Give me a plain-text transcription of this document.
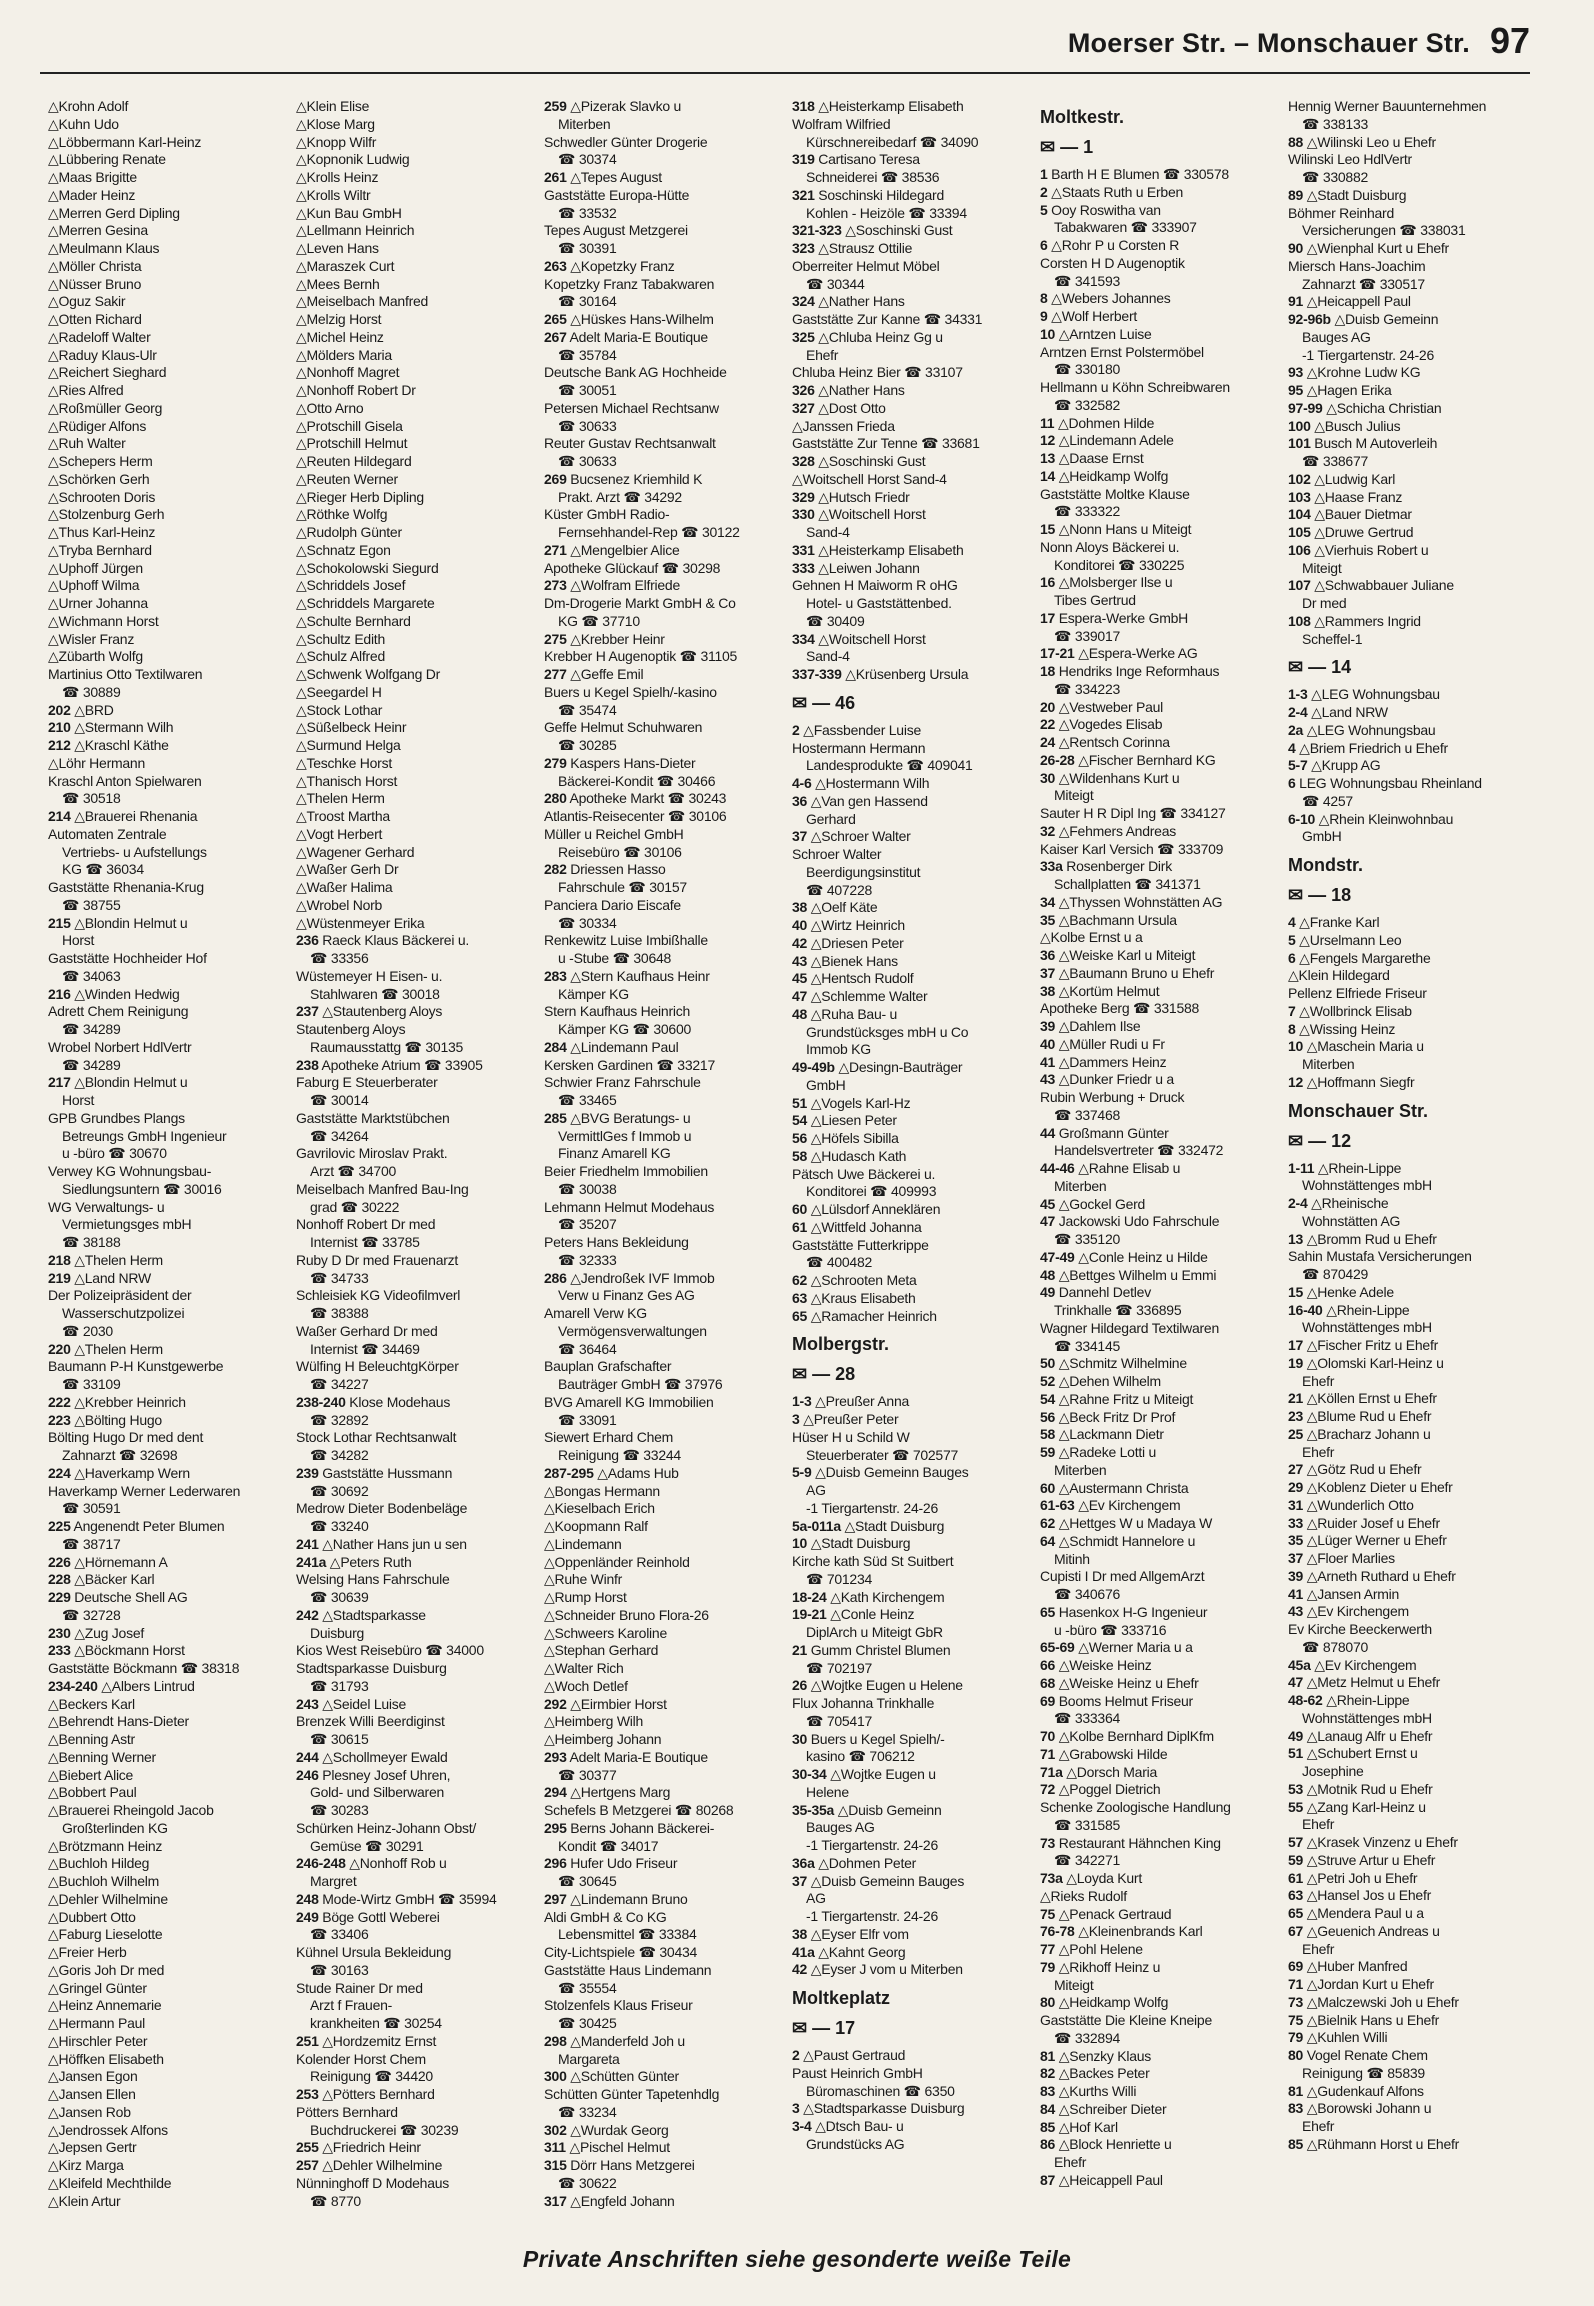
Moerser Str. – Monschauer Str. 97
△Krohn Adolf
△Kuhn Udo
△Löbbermann Karl-Heinz
△Lübbering Renate
△Maas Brigitte
△Mader Heinz
△Merren Gerd Dipling
△Merren Gesina
△Meulmann Klaus
△Möller Christa
△Nüsser Bruno
△Oguz Sakir
△Otten Richard
△Radeloff Walter
△Raduy Klaus-Ulr
△Reichert Sieghard
△Ries Alfred
△Roßmüller Georg
△Rüdiger Alfons
△Ruh Walter
△Schepers Herm
△Schörken Gerh
△Schrooten Doris
△Stolzenburg Gerh
△Thus Karl-Heinz
△Tryba Bernhard
△Uphoff Jürgen
△Uphoff Wilma
△Urner Johanna
△Wichmann Horst
△Wisler Franz
△Zübarth Wolfg
Martinius Otto Textilwaren
☎ 30889
202 △BRD
210 △Stermann Wilh
212 △Kraschl Käthe
△Löhr Hermann
Kraschl Anton Spielwaren
☎ 30518
214 △Brauerei Rhenania
Automaten Zentrale
Vertriebs- u Aufstellungs
KG ☎ 36034
Gaststätte Rhenania-Krug
☎ 38755
215 △Blondin Helmut u
Horst
Gaststätte Hochheider Hof
☎ 34063
216 △Winden Hedwig
Adrett Chem Reinigung
☎ 34289
Wrobel Norbert HdlVertr
☎ 34289
217 △Blondin Helmut u
Horst
GPB Grundbes Plangs
Betreungs GmbH Ingenieur
u -büro ☎ 30670
Verwey KG Wohnungsbau-
Siedlungsuntern ☎ 30016
WG Verwaltungs- u
Vermietungsges mbH
☎ 38188
218 △Thelen Herm
219 △Land NRW
Der Polizeipräsident der
Wasserschutzpolizei
☎ 2030
220 △Thelen Herm
Baumann P-H Kunstgewerbe
☎ 33109
222 △Krebber Heinrich
223 △Bölting Hugo
Bölting Hugo Dr med dent
Zahnarzt ☎ 32698
224 △Haverkamp Wern
Haverkamp Werner Lederwaren
☎ 30591
225 Angenendt Peter Blumen
☎ 38717
226 △Hörnemann A
228 △Bäcker Karl
229 Deutsche Shell AG
☎ 32728
230 △Zug Josef
233 △Böckmann Horst
Gaststätte Böckmann ☎ 38318
234-240 △Albers Lintrud
△Beckers Karl
△Behrendt Hans-Dieter
△Benning Astr
△Benning Werner
△Biebert Alice
△Bobbert Paul
△Brauerei Rheingold Jacob
Großterlinden KG
△Brötzmann Heinz
△Buchloh Hildeg
△Buchloh Wilhelm
△Dehler Wilhelmine
△Dubbert Otto
△Faburg Lieselotte
△Freier Herb
△Goris Joh Dr med
△Gringel Günter
△Heinz Annemarie
△Hermann Paul
△Hirschler Peter
△Höffken Elisabeth
△Jansen Egon
△Jansen Ellen
△Jansen Rob
△Jendrossek Alfons
△Jepsen Gertr
△Kirz Marga
△Kleifeld Mechthilde
△Klein Artur
△Klein Elise
△Klose Marg
△Knopp Wilfr
△Kopnonik Ludwig
△Krolls Heinz
△Krolls Wiltr
△Kun Bau GmbH
△Lellmann Heinrich
△Leven Hans
△Maraszek Curt
△Mees Bernh
△Meiselbach Manfred
△Melzig Horst
△Michel Heinz
△Mölders Maria
△Nonhoff Magret
△Nonhoff Robert Dr
△Otto Arno
△Protschill Gisela
△Protschill Helmut
△Reuten Hildegard
△Reuten Werner
△Rieger Herb Dipling
△Röthke Wolfg
△Rudolph Günter
△Schnatz Egon
△Schokolowski Siegurd
△Schriddels Josef
△Schriddels Margarete
△Schulte Bernhard
△Schultz Edith
△Schulz Alfred
△Schwenk Wolfgang Dr
△Seegardel H
△Stock Lothar
△Süßelbeck Heinr
△Surmund Helga
△Teschke Horst
△Thanisch Horst
△Thelen Herm
△Troost Martha
△Vogt Herbert
△Wagener Gerhard
△Waßer Gerh Dr
△Waßer Halima
△Wrobel Norb
△Wüstenmeyer Erika
236 Raeck Klaus Bäckerei u.
☎ 33356
Wüstemeyer H Eisen- u.
Stahlwaren ☎ 30018
237 △Stautenberg Aloys
Stautenberg Aloys
Raumausstattg ☎ 30135
238 Apotheke Atrium ☎ 33905
Faburg E Steuerberater
☎ 30014
Gaststätte Marktstübchen
☎ 34264
Gavrilovic Miroslav Prakt.
Arzt ☎ 34700
Meiselbach Manfred Bau-Ing
grad ☎ 30222
Nonhoff Robert Dr med
Internist ☎ 33785
Ruby D Dr med Frauenarzt
☎ 34733
Schleisiek KG Videofilmverl
☎ 38388
Waßer Gerhard Dr med
Internist ☎ 34469
Wülfing H BeleuchtgKörper
☎ 34227
238-240 Klose Modehaus
☎ 32892
Stock Lothar Rechtsanwalt
☎ 34282
239 Gaststätte Hussmann
☎ 30692
Medrow Dieter Bodenbeläge
☎ 33240
241 △Nather Hans jun u sen
241a △Peters Ruth
Welsing Hans Fahrschule
☎ 30639
242 △Stadtsparkasse
Duisburg
Kios West Reisebüro ☎ 34000
Stadtsparkasse Duisburg
☎ 31793
243 △Seidel Luise
Brenzek Willi Beerdiginst
☎ 30615
244 △Schollmeyer Ewald
246 Plesney Josef Uhren,
Gold- und Silberwaren
☎ 30283
Schürken Heinz-Johann Obst/
Gemüse ☎ 30291
246-248 △Nonhoff Rob u
Margret
248 Mode-Wirtz GmbH ☎ 35994
249 Böge Gottl Weberei
☎ 33406
Kühnel Ursula Bekleidung
☎ 30163
Stude Rainer Dr med
Arzt f Frauen-
krankheiten ☎ 30254
251 △Hordzemitz Ernst
Kolender Horst Chem
Reinigung ☎ 34420
253 △Pötters Bernhard
Pötters Bernhard
Buchdruckerei ☎ 30239
255 △Friedrich Heinr
257 △Dehler Wilhelmine
Nünninghoff D Modehaus
☎ 8770
259 △Pizerak Slavko u
Miterben
Schwedler Günter Drogerie
☎ 30374
261 △Tepes August
Gaststätte Europa-Hütte
☎ 33532
Tepes August Metzgerei
☎ 30391
263 △Kopetzky Franz
Kopetzky Franz Tabakwaren
☎ 30164
265 △Hüskes Hans-Wilhelm
267 Adelt Maria-E Boutique
☎ 35784
Deutsche Bank AG Hochheide
☎ 30051
Petersen Michael Rechtsanw
☎ 30633
Reuter Gustav Rechtsanwalt
☎ 30633
269 Bucsenez Kriemhild K
Prakt. Arzt ☎ 34292
Küster GmbH Radio-
Fernsehhandel-Rep ☎ 30122
271 △Mengelbier Alice
Apotheke Glückauf ☎ 30298
273 △Wolfram Elfriede
Dm-Drogerie Markt GmbH & Co
KG ☎ 37710
275 △Krebber Heinr
Krebber H Augenoptik ☎ 31105
277 △Geffe Emil
Buers u Kegel Spielh/-kasino
☎ 35474
Geffe Helmut Schuhwaren
☎ 30285
279 Kaspers Hans-Dieter
Bäckerei-Kondit ☎ 30466
280 Apotheke Markt ☎ 30243
Atlantis-Reisecenter ☎ 30106
Müller u Reichel GmbH
Reisebüro ☎ 30106
282 Driessen Hasso
Fahrschule ☎ 30157
Panciera Dario Eiscafe
☎ 30334
Renkewitz Luise Imbißhalle
u -Stube ☎ 30648
283 △Stern Kaufhaus Heinr
Kämper KG
Stern Kaufhaus Heinrich
Kämper KG ☎ 30600
284 △Lindemann Paul
Kersken Gardinen ☎ 33217
Schwier Franz Fahrschule
☎ 33465
285 △BVG Beratungs- u
VermittlGes f Immob u
Finanz Amarell KG
Beier Friedhelm Immobilien
☎ 30038
Lehmann Helmut Modehaus
☎ 35207
Peters Hans Bekleidung
☎ 32333
286 △Jendroßek IVF Immob
Verw u Finanz Ges AG
Amarell Verw KG
Vermögensverwaltungen
☎ 36464
Bauplan Grafschafter
Bauträger GmbH ☎ 37976
BVG Amarell KG Immobilien
☎ 33091
Siewert Erhard Chem
Reinigung ☎ 33244
287-295 △Adams Hub
△Bongas Hermann
△Kieselbach Erich
△Koopmann Ralf
△Lindemann
△Oppenländer Reinhold
△Ruhe Winfr
△Rump Horst
△Schneider Bruno Flora-26
△Schweers Karoline
△Stephan Gerhard
△Walter Rich
△Woch Detlef
292 △Eirmbier Horst
△Heimberg Wilh
△Heimberg Johann
293 Adelt Maria-E Boutique
☎ 30377
294 △Hertgens Marg
Schefels B Metzgerei ☎ 80268
295 Berns Johann Bäckerei-
Kondit ☎ 34017
296 Hufer Udo Friseur
☎ 30645
297 △Lindemann Bruno
Aldi GmbH & Co KG
Lebensmittel ☎ 33384
City-Lichtspiele ☎ 30434
Gaststätte Haus Lindemann
☎ 35554
Stolzenfels Klaus Friseur
☎ 30425
298 △Manderfeld Joh u
Margareta
300 △Schütten Günter
Schütten Günter Tapetenhdlg
☎ 33234
302 △Wurdak Georg
311 △Pischel Helmut
315 Dörr Hans Metzgerei
☎ 30622
317 △Engfeld Johann
318 △Heisterkamp Elisabeth
Wolfram Wilfried
Kürschnereibedarf ☎ 34090
319 Cartisano Teresa
Schneiderei ☎ 38536
321 Soschinski Hildegard
Kohlen - Heizöle ☎ 33394
321-323 △Soschinski Gust
323 △Strausz Ottilie
Oberreiter Helmut Möbel
☎ 30344
324 △Nather Hans
Gaststätte Zur Kanne ☎ 34331
325 △Chluba Heinz Gg u
Ehefr
Chluba Heinz Bier ☎ 33107
326 △Nather Hans
327 △Dost Otto
△Janssen Frieda
Gaststätte Zur Tenne ☎ 33681
328 △Soschinski Gust
△Woitschell Horst Sand-4
329 △Hutsch Friedr
330 △Woitschell Horst
Sand-4
331 △Heisterkamp Elisabeth
333 △Leiwen Johann
Gehnen H Maiworm R oHG
Hotel- u Gaststättenbed.
☎ 30409
334 △Woitschell Horst
Sand-4
337-339 △Krüsenberg Ursula
✉ — 46
2 △Fassbender Luise
Hostermann Hermann
Landesprodukte ☎ 409041
4-6 △Hostermann Wilh
36 △Van gen Hassend
Gerhard
37 △Schroer Walter
Schroer Walter
Beerdigungsinstitut
☎ 407228
38 △Oelf Käte
40 △Wirtz Heinrich
42 △Driesen Peter
43 △Bienek Hans
45 △Hentsch Rudolf
47 △Schlemme Walter
48 △Ruha Bau- u
Grundstücksges mbH u Co
Immob KG
49-49b △Desingn-Bauträger
GmbH
51 △Vogels Karl-Hz
54 △Liesen Peter
56 △Höfels Sibilla
58 △Hudasch Kath
Pätsch Uwe Bäckerei u.
Konditorei ☎ 409993
60 △Lülsdorf Anneklären
61 △Wittfeld Johanna
Gaststätte Futterkrippe
☎ 400482
62 △Schrooten Meta
63 △Kraus Elisabeth
65 △Ramacher Heinrich
Molbergstr.
✉ — 28
1-3 △Preußer Anna
3 △Preußer Peter
Hüser H u Schild W
Steuerberater ☎ 702577
5-9 △Duisb Gemeinn Bauges
AG
-1 Tiergartenstr. 24-26
5a-011a △Stadt Duisburg
10 △Stadt Duisburg
Kirche kath Süd St Suitbert
☎ 701234
18-24 △Kath Kirchengem
19-21 △Conle Heinz
DiplArch u Miteigt GbR
21 Gumm Christel Blumen
☎ 702197
26 △Wojtke Eugen u Helene
Flux Johanna Trinkhalle
☎ 705417
30 Buers u Kegel Spielh/-
kasino ☎ 706212
30-34 △Wojtke Eugen u
Helene
35-35a △Duisb Gemeinn
Bauges AG
-1 Tiergartenstr. 24-26
36a △Dohmen Peter
37 △Duisb Gemeinn Bauges
AG
-1 Tiergartenstr. 24-26
38 △Eyser Elfr vom
41a △Kahnt Georg
42 △Eyser J vom u Miterben
Moltkeplatz
✉ — 17
2 △Paust Gertraud
Paust Heinrich GmbH
Büromaschinen ☎ 6350
3 △Stadtsparkasse Duisburg
3-4 △Dtsch Bau- u
Grundstücks AG
Moltkestr.
✉ — 1
1 Barth H E Blumen ☎ 330578
2 △Staats Ruth u Erben
5 Ooy Roswitha van
Tabakwaren ☎ 333907
6 △Rohr P u Corsten R
Corsten H D Augenoptik
☎ 341593
8 △Webers Johannes
9 △Wolf Herbert
10 △Arntzen Luise
Arntzen Ernst Polstermöbel
☎ 330180
Hellmann u Köhn Schreibwaren
☎ 332582
11 △Dohmen Hilde
12 △Lindemann Adele
13 △Daase Ernst
14 △Heidkamp Wolfg
Gaststätte Moltke Klause
☎ 333322
15 △Nonn Hans u Miteigt
Nonn Aloys Bäckerei u.
Konditorei ☎ 330225
16 △Molsberger Ilse u
Tibes Gertrud
17 Espera-Werke GmbH
☎ 339017
17-21 △Espera-Werke AG
18 Hendriks Inge Reformhaus
☎ 334223
20 △Vestweber Paul
22 △Vogedes Elisab
24 △Rentsch Corinna
26-28 △Fischer Bernhard KG
30 △Wildenhans Kurt u
Miteigt
Sauter H R Dipl Ing ☎ 334127
32 △Fehmers Andreas
Kaiser Karl Versich ☎ 333709
33a Rosenberger Dirk
Schallplatten ☎ 341371
34 △Thyssen Wohnstätten AG
35 △Bachmann Ursula
△Kolbe Ernst u a
36 △Weiske Karl u Miteigt
37 △Baumann Bruno u Ehefr
38 △Kortüm Helmut
Apotheke Berg ☎ 331588
39 △Dahlem Ilse
40 △Müller Rudi u Fr
41 △Dammers Heinz
43 △Dunker Friedr u a
Rubin Werbung + Druck
☎ 337468
44 Großmann Günter
Handelsvertreter ☎ 332472
44-46 △Rahne Elisab u
Miterben
45 △Gockel Gerd
47 Jackowski Udo Fahrschule
☎ 335120
47-49 △Conle Heinz u Hilde
48 △Bettges Wilhelm u Emmi
49 Dannehl Detlev
Trinkhalle ☎ 336895
Wagner Hildegard Textilwaren
☎ 334145
50 △Schmitz Wilhelmine
52 △Dehen Wilhelm
54 △Rahne Fritz u Miteigt
56 △Beck Fritz Dr Prof
58 △Lackmann Dietr
59 △Radeke Lotti u
Miterben
60 △Austermann Christa
61-63 △Ev Kirchengem
62 △Hettges W u Madaya W
64 △Schmidt Hannelore u
Mitinh
Cupisti I Dr med AllgemArzt
☎ 340676
65 Hasenkox H-G Ingenieur
u -büro ☎ 333716
65-69 △Werner Maria u a
66 △Weiske Heinz
68 △Weiske Heinz u Ehefr
69 Booms Helmut Friseur
☎ 333364
70 △Kolbe Bernhard DiplKfm
71 △Grabowski Hilde
71a △Dorsch Maria
72 △Poggel Dietrich
Schenke Zoologische Handlung
☎ 331585
73 Restaurant Hähnchen King
☎ 342271
73a △Loyda Kurt
△Rieks Rudolf
75 △Penack Gertraud
76-78 △Kleinenbrands Karl
77 △Pohl Helene
79 △Rikhoff Heinz u
Miteigt
80 △Heidkamp Wolfg
Gaststätte Die Kleine Kneipe
☎ 332894
81 △Senzky Klaus
82 △Backes Peter
83 △Kurths Willi
84 △Schreiber Dieter
85 △Hof Karl
86 △Block Henriette u
Ehefr
87 △Heicappell Paul
Hennig Werner Bauunternehmen
☎ 338133
88 △Wilinski Leo u Ehefr
Wilinski Leo HdlVertr
☎ 330882
89 △Stadt Duisburg
Böhmer Reinhard
Versicherungen ☎ 338031
90 △Wienphal Kurt u Ehefr
Miersch Hans-Joachim
Zahnarzt ☎ 330517
91 △Heicappell Paul
92-96b △Duisb Gemeinn
Bauges AG
-1 Tiergartenstr. 24-26
93 △Krohne Ludw KG
95 △Hagen Erika
97-99 △Schicha Christian
100 △Busch Julius
101 Busch M Autoverleih
☎ 338677
102 △Ludwig Karl
103 △Haase Franz
104 △Bauer Dietmar
105 △Druwe Gertrud
106 △Vierhuis Robert u
Miteigt
107 △Schwabbauer Juliane
Dr med
108 △Rammers Ingrid
Scheffel-1
✉ — 14
1-3 △LEG Wohnungsbau
2-4 △Land NRW
2a △LEG Wohnungsbau
4 △Briem Friedrich u Ehefr
5-7 △Krupp AG
6 LEG Wohnungsbau Rheinland
☎ 4257
6-10 △Rhein Kleinwohnbau
GmbH
Mondstr.
✉ — 18
4 △Franke Karl
5 △Urselmann Leo
6 △Fengels Margarethe
△Klein Hildegard
Pellenz Elfriede Friseur
7 △Wollbrinck Elisab
8 △Wissing Heinz
10 △Maschein Maria u
Miterben
12 △Hoffmann Siegfr
Monschauer Str.
✉ — 12
1-11 △Rhein-Lippe
Wohnstättenges mbH
2-4 △Rheinische
Wohnstätten AG
13 △Bromm Rud u Ehefr
Sahin Mustafa Versicherungen
☎ 870429
15 △Henke Adele
16-40 △Rhein-Lippe
Wohnstättenges mbH
17 △Fischer Fritz u Ehefr
19 △Olomski Karl-Heinz u
Ehefr
21 △Köllen Ernst u Ehefr
23 △Blume Rud u Ehefr
25 △Bracharz Johann u
Ehefr
27 △Götz Rud u Ehefr
29 △Koblenz Dieter u Ehefr
31 △Wunderlich Otto
33 △Ruider Josef u Ehefr
35 △Lüger Werner u Ehefr
37 △Floer Marlies
39 △Arneth Ruthard u Ehefr
41 △Jansen Armin
43 △Ev Kirchengem
Ev Kirche Beeckerwerth
☎ 878070
45a △Ev Kirchengem
47 △Metz Helmut u Ehefr
48-62 △Rhein-Lippe
Wohnstättenges mbH
49 △Lanaug Alfr u Ehefr
51 △Schubert Ernst u
Josephine
53 △Motnik Rud u Ehefr
55 △Zang Karl-Heinz u
Ehefr
57 △Krasek Vinzenz u Ehefr
59 △Struve Artur u Ehefr
61 △Petri Joh u Ehefr
63 △Hansel Jos u Ehefr
65 △Mendera Paul u a
67 △Geuenich Andreas u
Ehefr
69 △Huber Manfred
71 △Jordan Kurt u Ehefr
73 △Malczewski Joh u Ehefr
75 △Bielnik Hans u Ehefr
79 △Kuhlen Willi
80 Vogel Renate Chem
Reinigung ☎ 85839
81 △Gudenkauf Alfons
83 △Borowski Johann u
Ehefr
85 △Rühmann Horst u Ehefr
Private Anschriften siehe gesonderte weiße Teile
